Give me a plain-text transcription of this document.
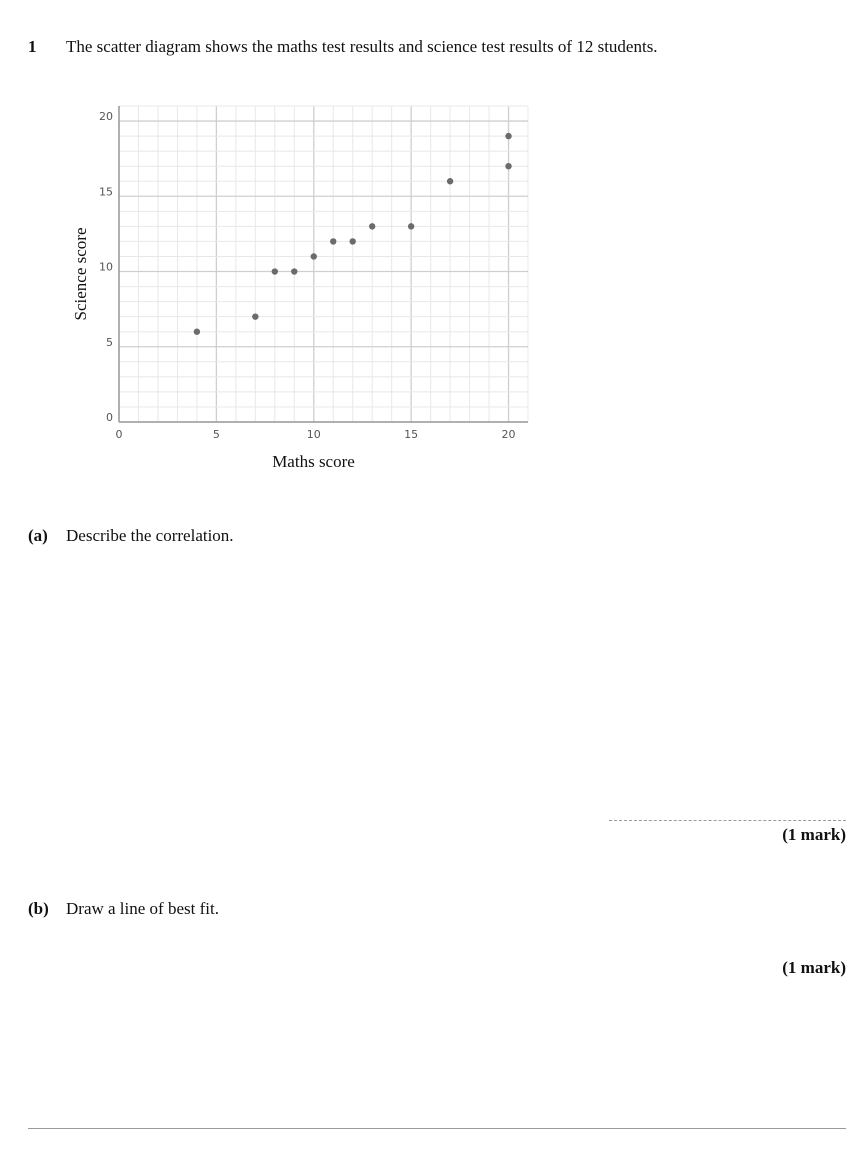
1 The scatter diagram shows the maths test results and science test results of 12 students.
0	5	10	15	20
0
5
10
15
20
Maths score
Science score
(a) Describe the correlation.
(1 mark)
(b) Draw a line of best fit.
(1 mark)
